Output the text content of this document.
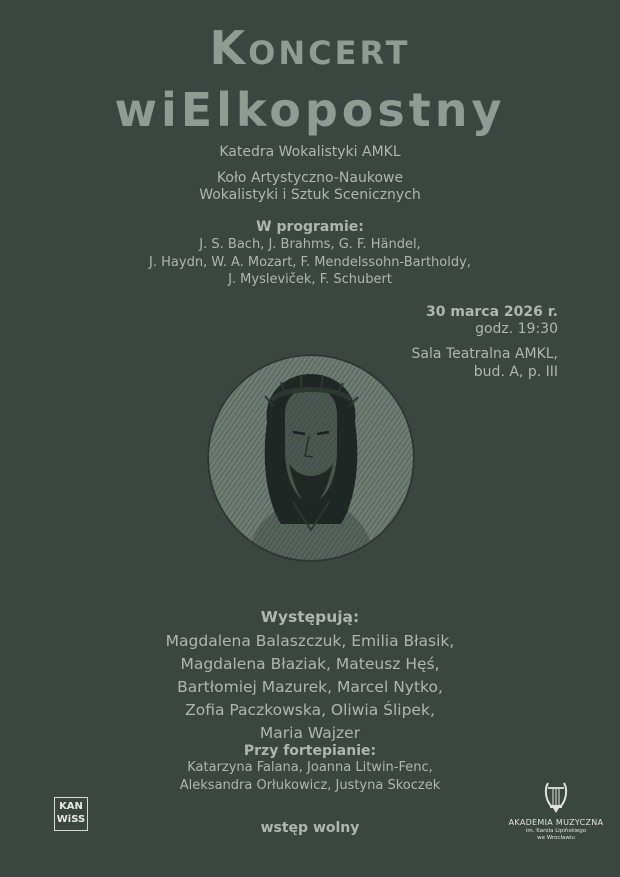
Koncert
wiElkopostny
Katedra Wokalistyki AMKL
Koło Artystyczno-Naukowe
Wokalistyki i Sztuk Scenicznych
W programie:
J. S. Bach, J. Brahms, G. F. Händel,
J. Haydn, W. A. Mozart, F. Mendelssohn-Bartholdy,
J. Mysleviček, F. Schubert
30 marca 2026 r.
godz. 19:30
Sala Teatralna AMKL,
bud. A, p. III
Występują:
Magdalena Balaszczuk, Emilia Błasik,
Magdalena Błaziak, Mateusz Hęś,
Bartłomiej Mazurek, Marcel Nytko,
Zofia Paczkowska, Oliwia Ślipek,
Maria Wajzer
Przy fortepianie:
Katarzyna Falana, Joanna Litwin-Fenc,
Aleksandra Orłukowicz, Justyna Skoczek
wstęp wolny
KAN
WiSS	AKADEMIA MUZYCZNA
im. Karola Lipińskiego
we Wrocławiu
